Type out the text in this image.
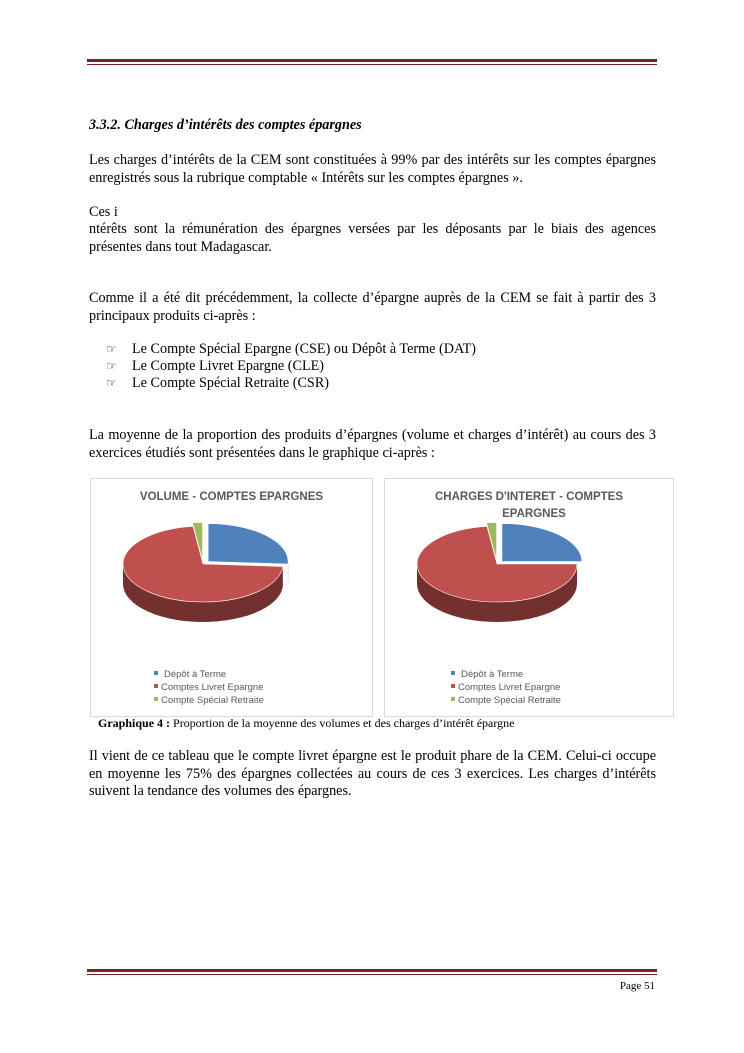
3.3.2. Charges d’intérêts des comptes épargnes
Les charges d’intérêts de la CEM sont constituées à 99% par des intérêts sur les comptes épargnes enregistrés sous la rubrique comptable « Intérêts sur les comptes épargnes ».
Ces i
ntérêts sont la rémunération des épargnes versées par les déposants par le biais des agences présentes dans tout Madagascar.
Comme il a été dit précédemment, la collecte d’épargne auprès de la CEM se fait à partir des 3 principaux produits ci-après :
☞ Le Compte Spécial Epargne (CSE) ou Dépôt à Terme (DAT)
☞ Le Compte Livret Epargne (CLE)
☞ Le Compte Spécial Retraite (CSR)
La moyenne de la proportion des produits d’épargnes (volume et charges d’intérêt) au cours des 3 exercices étudiés sont présentées dans le graphique ci-après :
VOLUME - COMPTES EPARGNES
Dépôt à Terme
Comptes Livret Epargne
Compte Spécial Retraite
CHARGES D'INTERET - COMPTES
EPARGNES
Dépôt à Terme
Comptes Livret Epargne
Compte Spécial Retraite
Graphique 4 : Proportion de la moyenne des volumes et des charges d’intérêt épargne
Il vient de ce tableau que le compte livret épargne est le produit phare de la CEM. Celui-ci occupe en moyenne les 75% des épargnes collectées au cours de ces 3 exercices. Les charges d’intérêts suivent la tendance des volumes des épargnes.
Page 51
